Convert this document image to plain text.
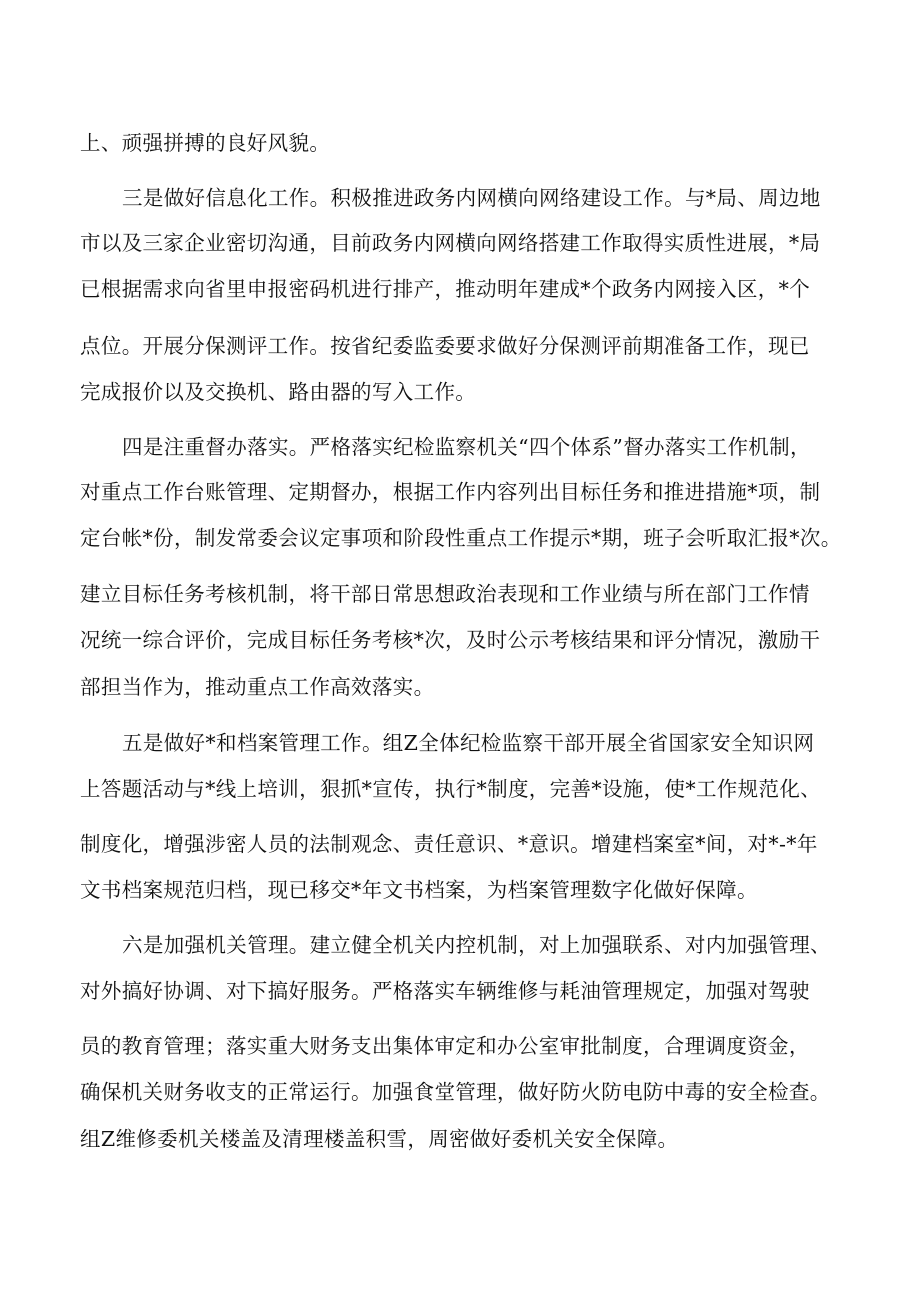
上、顽强拼搏的良好风貌。
三是做好信息化工作。积极推进政务内网横向网络建设工作。与*局、周边地
市以及三家企业密切沟通，目前政务内网横向网络搭建工作取得实质性进展，*局
已根据需求向省里申报密码机进行排产，推动明年建成*个政务内网接入区，*个
点位。开展分保测评工作。按省纪委监委要求做好分保测评前期准备工作，现已
完成报价以及交换机、路由器的写入工作。
四是注重督办落实。严格落实纪检监察机关“四个体系”督办落实工作机制，
对重点工作台账管理、定期督办，根据工作内容列出目标任务和推进措施*项，制
定台帐*份，制发常委会议定事项和阶段性重点工作提示*期，班子会听取汇报*次。
建立目标任务考核机制，将干部日常思想政治表现和工作业绩与所在部门工作情
况统一综合评价，完成目标任务考核*次，及时公示考核结果和评分情况，激励干
部担当作为，推动重点工作高效落实。
五是做好*和档案管理工作。组Z全体纪检监察干部开展全省国家安全知识网
上答题活动与*线上培训，狠抓*宣传，执行*制度，完善*设施，使*工作规范化、
制度化，增强涉密人员的法制观念、责任意识、*意识。增建档案室*间，对*-*年
文书档案规范归档，现已移交*年文书档案，为档案管理数字化做好保障。
六是加强机关管理。建立健全机关内控机制，对上加强联系、对内加强管理、
对外搞好协调、对下搞好服务。严格落实车辆维修与耗油管理规定，加强对驾驶
员的教育管理；落实重大财务支出集体审定和办公室审批制度，合理调度资金，
确保机关财务收支的正常运行。加强食堂管理，做好防火防电防中毒的安全检查。
组Z维修委机关楼盖及清理楼盖积雪，周密做好委机关安全保障。
